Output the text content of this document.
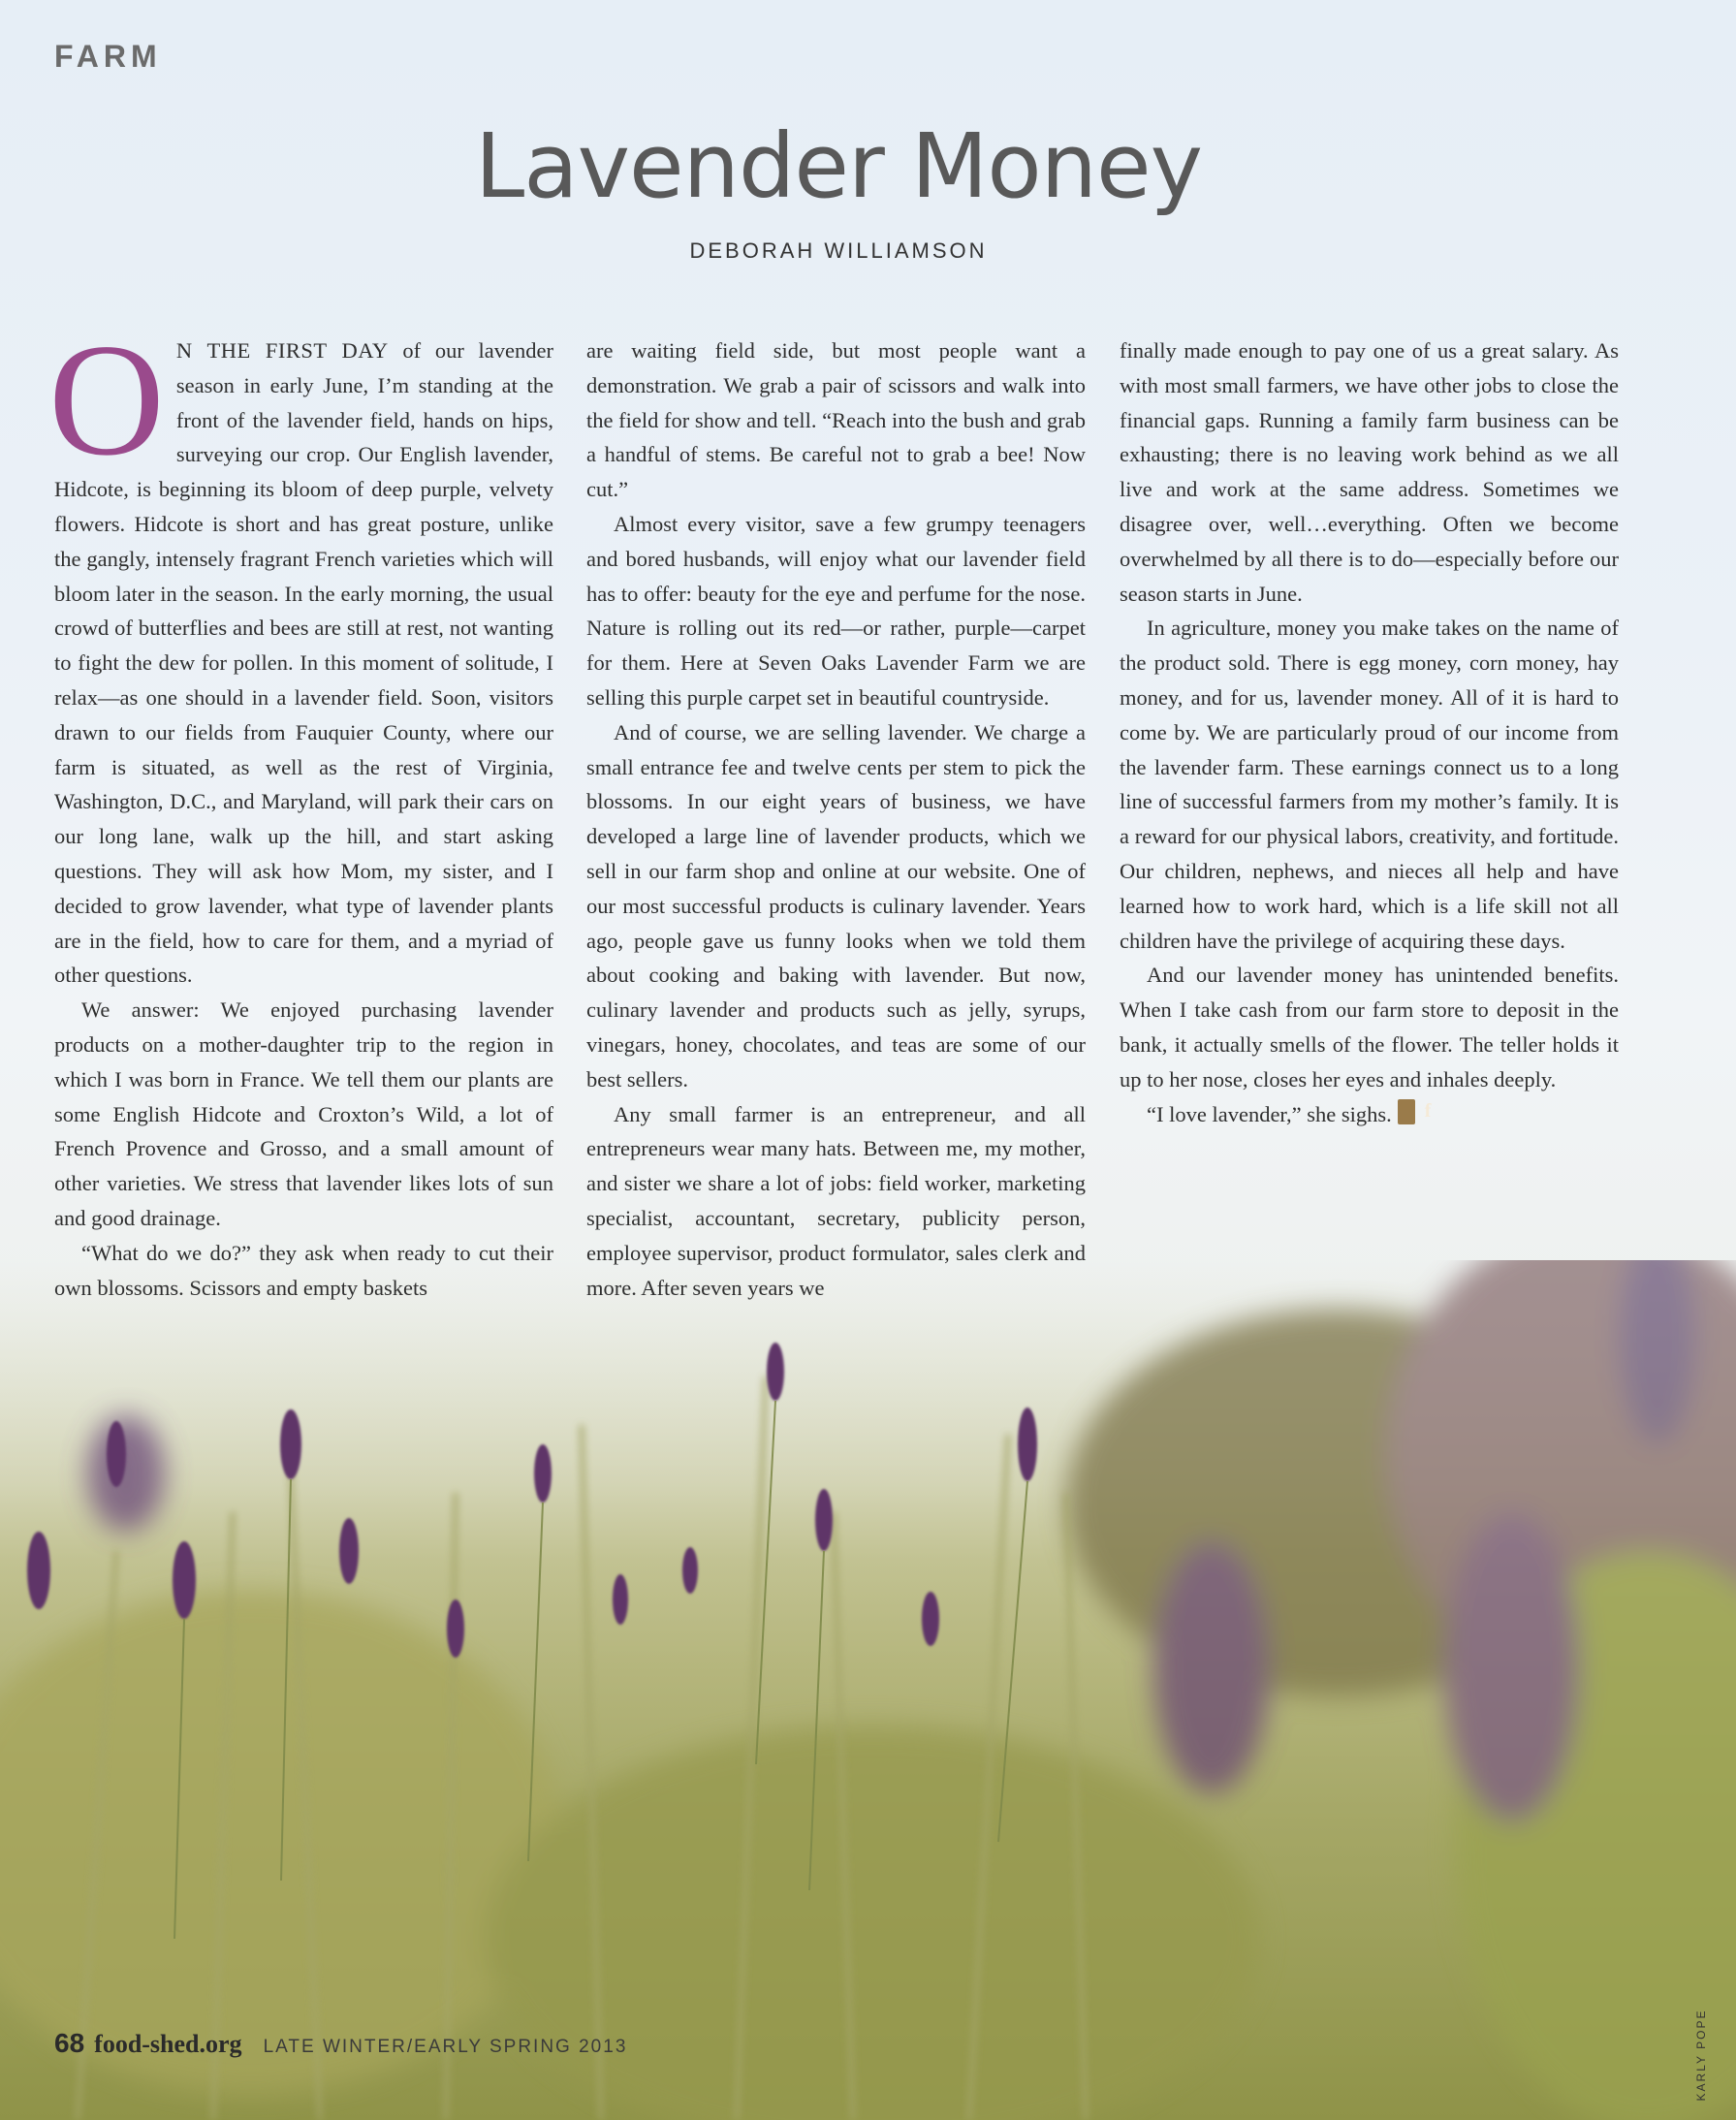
FARM
Lavender Money
DEBORAH WILLIAMSON

O N THE FIRST DAY of our lavender season in early June, I’m standing at the front of the lavender field, hands on hips, surveying our crop. Our English lavender, Hidcote, is beginning its bloom of deep purple, velvety flowers. Hidcote is short and has great posture, unlike the gangly, intensely fragrant French varieties which will bloom later in the season. In the early morning, the usual crowd of butterflies and bees are still at rest, not wanting to fight the dew for pollen. In this moment of solitude, I relax—as one should in a lavender field. Soon, visitors drawn to our fields from Fauquier County, where our farm is situated, as well as the rest of Virginia, Washington, D.C., and Maryland, will park their cars on our long lane, walk up the hill, and start asking questions. They will ask how Mom, my sister, and I decided to grow lavender, what type of lavender plants are in the field, how to care for them, and a myriad of other questions.

We answer: We enjoyed purchasing lavender products on a mother-daughter trip to the region in which I was born in France. We tell them our plants are some English Hidcote and Croxton’s Wild, a lot of French Provence and Grosso, and a small amount of other varieties. We stress that lavender likes lots of sun and good drainage.

“What do we do?” they ask when ready to cut their own blossoms. Scissors and empty baskets

are waiting field side, but most people want a demonstration. We grab a pair of scissors and walk into the field for show and tell. “Reach into the bush and grab a handful of stems. Be careful not to grab a bee! Now cut.”

Almost every visitor, save a few grumpy teenagers and bored husbands, will enjoy what our lavender field has to offer: beauty for the eye and perfume for the nose. Nature is rolling out its red—or rather, purple—carpet for them. Here at Seven Oaks Lavender Farm we are selling this purple carpet set in beautiful countryside.

And of course, we are selling lavender. We charge a small entrance fee and twelve cents per stem to pick the blossoms. In our eight years of business, we have developed a large line of lavender products, which we sell in our farm shop and online at our website. One of our most successful products is culinary lavender. Years ago, people gave us funny looks when we told them about cooking and baking with lavender. But now, culinary lavender and products such as jelly, syrups, vinegars, honey, chocolates, and teas are some of our best sellers.

Any small farmer is an entrepreneur, and all entrepreneurs wear many hats. Between me, my mother, and sister we share a lot of jobs: field worker, marketing specialist, accountant, secretary, publicity person, employee supervisor, product formulator, sales clerk and more. After seven years we

finally made enough to pay one of us a great salary. As with most small farmers, we have other jobs to close the financial gaps. Running a family farm business can be exhausting; there is no leaving work behind as we all live and work at the same address. Sometimes we disagree over, well…everything. Often we become overwhelmed by all there is to do—especially before our season starts in June.

In agriculture, money you make takes on the name of the product sold. There is egg money, corn money, hay money, and for us, lavender money. All of it is hard to come by. We are particularly proud of our income from the lavender farm. These earnings connect us to a long line of successful farmers from my mother’s family. It is a reward for our physical labors, creativity, and fortitude. Our children, nephews, and nieces all help and have learned how to work hard, which is a life skill not all children have the privilege of acquiring these days.

And our lavender money has unintended benefits. When I take cash from our farm store to deposit in the bank, it actually smells of the flower. The teller holds it up to her nose, closes her eyes and inhales deeply.

“I love lavender,” she sighs.	f

68 food-shed.org LATE WINTER/EARLY SPRING 2013	KARLY POPE
